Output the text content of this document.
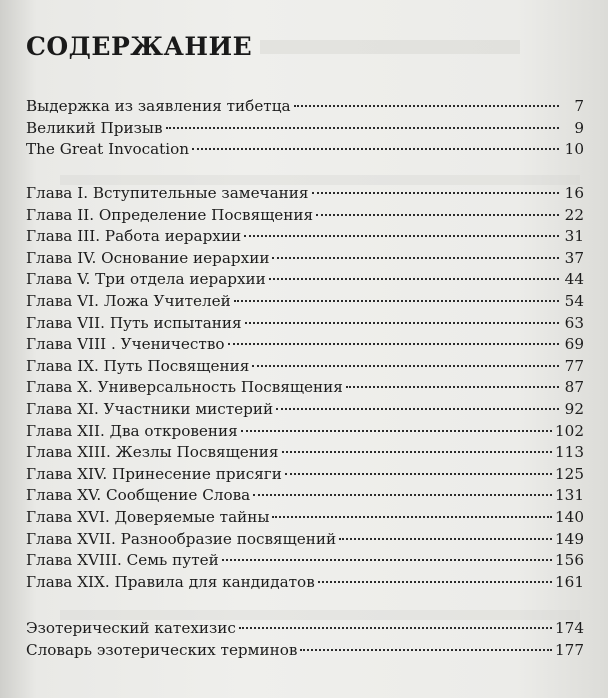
СОДЕРЖАНИЕ
Выдержка из заявления тибетца	7
Великий Призыв	9
The Great Invocation	10
Глава I. Вступительные замечания	16
Глава II. Определение Посвящения	22
Глава III. Работа иерархии	31
Глава IV. Основание иерархии	37
Глава V. Три отдела иерархии	44
Глава VI. Ложа Учителей	54
Глава VII. Путь испытания	63
Глава VIII . Ученичество	69
Глава IX. Путь Посвящения	77
Глава X. Универсальность Посвящения	87
Глава XI. Участники мистерий	92
Глава XII. Два откровения	102
Глава XIII. Жезлы Посвящения	113
Глава XIV. Принесение присяги	125
Глава XV. Сообщение Слова	131
Глава XVI. Доверяемые тайны	140
Глава XVII. Разнообразие посвящений	149
Глава XVIII. Семь путей	156
Глава XIX. Правила для кандидатов	161
Эзотерический катехизис	174
Словарь эзотерических терминов	177
